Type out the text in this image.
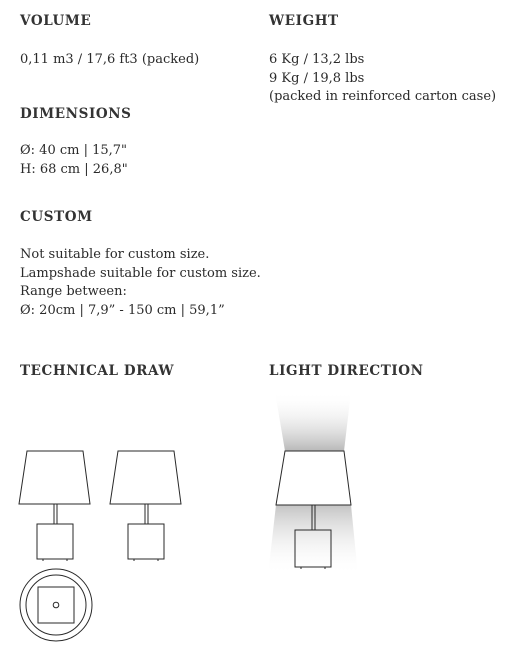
VOLUME
0,11 m3 / 17,6 ft3 (packed)
WEIGHT
6 Kg / 13,2 lbs
9 Kg / 19,8 lbs
(packed in reinforced carton case)
DIMENSIONS
Ø: 40 cm | 15,7"
H: 68 cm | 26,8"
CUSTOM
Not suitable for custom size.
Lampshade suitable for custom size.
Range between:
Ø: 20cm | 7,9” - 150 cm | 59,1”
TECHNICAL DRAW	LIGHT DIRECTION
